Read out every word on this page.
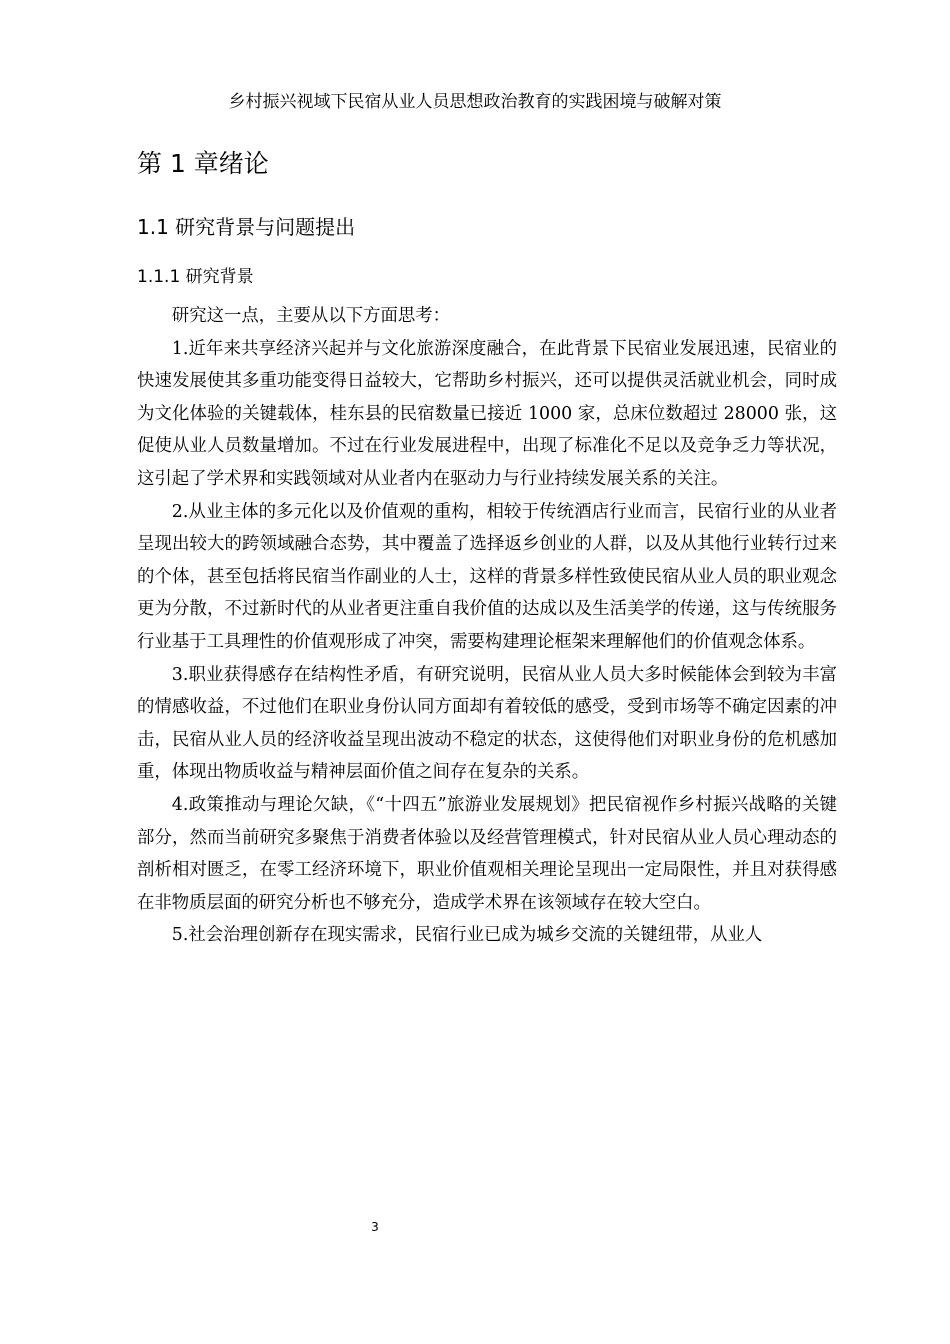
乡村振兴视域下民宿从业人员思想政治教育的实践困境与破解对策
第 1 章绪论
1.1 研究背景与问题提出
1.1.1 研究背景

研究这一点，主要从以下方面思考：

1.近年来共享经济兴起并与文化旅游深度融合，在此背景下民宿业发展迅速，民宿业的快速发展使其多重功能变得日益较大，它帮助乡村振兴，还可以提供灵活就业机会，同时成为文化体验的关键载体，桂东县的民宿数量已接近 1000 家，总床位数超过 28000 张，这促使从业人员数量增加。不过在行业发展进程中，出现了标准化不足以及竞争乏力等状况，这引起了学术界和实践领域对从业者内在驱动力与行业持续发展关系的关注。

2.从业主体的多元化以及价值观的重构，相较于传统酒店行业而言，民宿行业的从业者呈现出较大的跨领域融合态势，其中覆盖了选择返乡创业的人群，以及从其他行业转行过来的个体，甚至包括将民宿当作副业的人士，这样的背景多样性致使民宿从业人员的职业观念更为分散，不过新时代的从业者更注重自我价值的达成以及生活美学的传递，这与传统服务行业基于工具理性的价值观形成了冲突，需要构建理论框架来理解他们的价值观念体系。

3.职业获得感存在结构性矛盾，有研究说明，民宿从业人员大多时候能体会到较为丰富的情感收益，不过他们在职业身份认同方面却有着较低的感受，受到市场等不确定因素的冲击，民宿从业人员的经济收益呈现出波动不稳定的状态，这使得他们对职业身份的危机感加重，体现出物质收益与精神层面价值之间存在复杂的关系。

4.政策推动与理论欠缺，《“十四五”旅游业发展规划》把民宿视作乡村振兴战略的关键部分，然而当前研究多聚焦于消费者体验以及经营管理模式，针对民宿从业人员心理动态的剖析相对匮乏，在零工经济环境下，职业价值观相关理论呈现出一定局限性，并且对获得感在非物质层面的研究分析也不够充分，造成学术界在该领域存在较大空白。

5.社会治理创新存在现实需求，民宿行业已成为城乡交流的关键纽带，从业人

3
